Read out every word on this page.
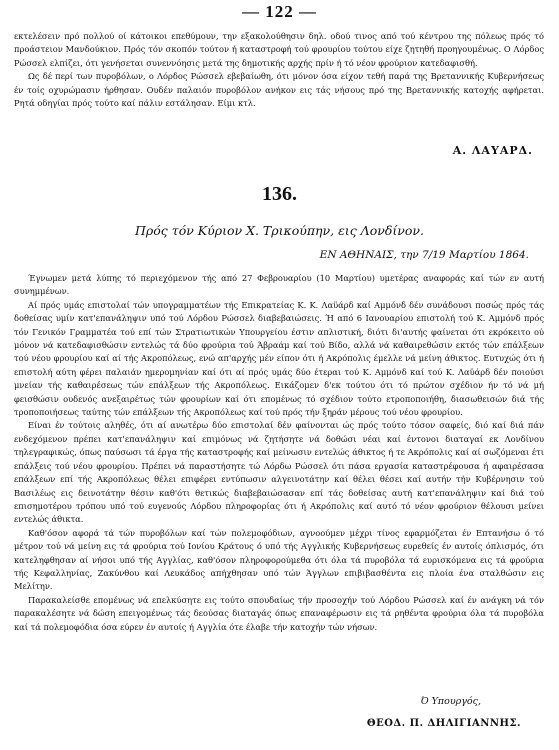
— 122 —

εκτελέσειν πρό πολλού οί κάτοικοι επεθύμουν, την εξακολούθησιν δηλ. οδού τινος από τού κέντρου της πόλεως πρός τό προάστειον Μανδούκιον. Πρός τόν σκοπόν τούτον ή καταστροφή τού φρουρίου τούτου είχε ζητηθή προηγουμένως. Ο Λόρδος Ρώσσελ ελπίζει, ότι γενήσεται συνεννόησις μετά της δημοτικής αρχής πρίν ή τό νέον φρούριον κατεδαφισθή.

Ως δέ περί των πυροβόλων, ο Λόρδος Ρώσσελ εβεβαίωθη, ότι μόνον όσα είχον τεθή παρά της Βρεταννικής Κυβερνήσεως έν τοίς οχυρώμασιν ήρθησαν. Ουδέν παλαιόν πυροβόλον ανήκον εις τάς νήσους πρό της Βρεταννικής κατοχής αφήρεται. Ρητά οδηγίαι πρός τούτο καί πάλιν εστάλησαν. Είμι κτλ.

Α. ΛΑΥΑΡΔ.
136.
Πρός τόν Κύριον Χ. Τρικούπην, εις Λονδίνον.
ΕΝ ΑΘΗΝΑΙΣ, την 7/19 Μαρτίου 1864.

Έγνωμεν μετά λύπης τό περιεχόμενον τής από 27 Φεβρουαρίου (10 Μαρτίου) υμετέρας αναφοράς καί τών εν αυτή συνημμένων.

Αί πρός υμάς επιστολαί τών υπογραμματέων τής Επικρατείας Κ. Κ. Λαϋάρδ καί Αμμόνδ δέν συνάδουσι ποσώς πρός τάς δοθείσας υμίν κατ'επανάληψιν υπό τού Λόρδου Ρώσσελ διαβεβαιώσεις. Ή από 6 Ιανουαρίου επιστολή τού Κ. Αμμόνδ πρός τόν Γενικόν Γραμματέα τού επί τών Στρατιωτικών Υπουργείου έστιν απλιστική, διότι δι'αυτής φαίνεται ότι εκρόκειτο ού μόνον νά κατεδαφισθώσιν εντελώς τά δύο φρούρια τού Άβραάμ καί τού Βίδο, αλλά νά καθαιρεθώσιν εκτός τών επάλξεων τού νέου φρουρίου καί αί τής Ακροπόλεως, ενώ απ'αρχής μέν είπον ότι ή Ακρόπολις έμελλε νά μείνη άθικτος. Ευτυχώς ότι ή επιστολή αύτη φέρει παλαιάν ημερομηνίαν καί ότι αί πρός υμάς δύο έτεραι τού Κ. Αμμόνδ καί τού Κ. Λαϋάρδ δέν ποιούσι μνείαν τής καθαιρέσεως τών επάλξεων τής Ακροπόλεως. Εικάζομεν δ'εκ τούτου ότι τό πρώτον σχέδιον ήν τό νά μή φεισθώσιν ουδενός ανεξαιρέτως τών φρουρίων καί ότι επομένως τό σχέδιον τούτο ετροποποιήθη, διασωθεισών διά τής τροποποιήσεως ταύτης τών επάλξεων τής Ακροπόλεως καί τού πρός τήν ξηράν μέρους τού νέου φρουρίου.

Είναι έν τούτοις αληθές, ότι αί ανωτέρω δύο επιστολαί δέν φαίνονται ώς πρός τούτο τόσον σαφείς, διό καί διά πάν ενδεχόμενον πρέπει κατ'επανάληψιν καί επιμόνως νά ζητήσητε νά δοθώσι νέαι καί έντονοι διαταγαί εκ Λονδίνου τηλεγραφικώς, όπως παύσωσι τά έργα τής καταστροφής καί μείνωσιν εντελώς άθικτος ή τε Ακρόπολις καί αί σωζόμεναι έτι επάλξεις τού νέου φρουρίου. Πρέπει νά παραστήσητε τώ Λόρδω Ρώσσελ ότι πάσα εργασία καταστρέφουσα ή αφαιρέσασα επάλξεων επί τής Ακροπόλεως θέλει επιφέρει εντύπωσιν αλγεινοτάτην καί θέλει θέσει καί αυτήν τήν Κυβέρνησιν τού Βασιλέως εις δεινοτάτην θέσιν καθ'ότι θετικώς διαβεβαιώσασαν επί τάς δοθείσας αυτή κατ'επανάληψιν καί διά τού επισημοτέρου τρόπου υπό τού ευγενούς Λόρδου πληροφορίας ότι ή Ακρόπολις καί αυτό τό νέον φρούριον θέλουσι μείνει εντελώς άθικτα.

Καθ'όσον αφορά τά τών πυροβόλων καί τών πολεμοφόδιων, αγνοούμεν μέχρι τίνος εφαρμόζεται έν Επτανήσω ό τό μέτρον τού νά μείνη εις τά φρούρια τού Ιονίου Κράτους ό υπό τής Αγγλικής Κυβερνήσεως ευρεθείς έν αυτοίς όπλισμός, ότι κατεληφθησαν αί νήσοι υπό τής Αγγλίας, καθ'όσον πληροφορούμεθα ότι όλα τά πυροβόλα τά ευρισκόμενα εις τά φρούρια τής Κεφαλληνίας, Ζακύνθου καί Λευκάδος απήχθησαν υπό τών Άγγλων επιβιβασθέντα εις πλοία ένα σταλθώσιν εις Μελίτην.

Παρακαλείσθε επομένως νά επελκύσητε εις τούτο σπουδαίως τήν προσοχήν τού Λόρδου Ρώσσελ καί έν ανάγκη νά τόν παρακαλέσητε νά δώση επειγομένως τάς δεούσας διαταγάς όπως επαναφέρωσιν εις τά ρηθέντα φρούρια όλα τά πυροβόλα καί τά πολεμοφόδια όσα εύρεν έν αυτοίς ή Αγγλία ότε έλαβε τήν κατοχήν τών νήσων.

Ό Υπουργός,
ΘΕΟΔ. Π. ΔΗΛΙΓΙΑΝΝΗΣ.
